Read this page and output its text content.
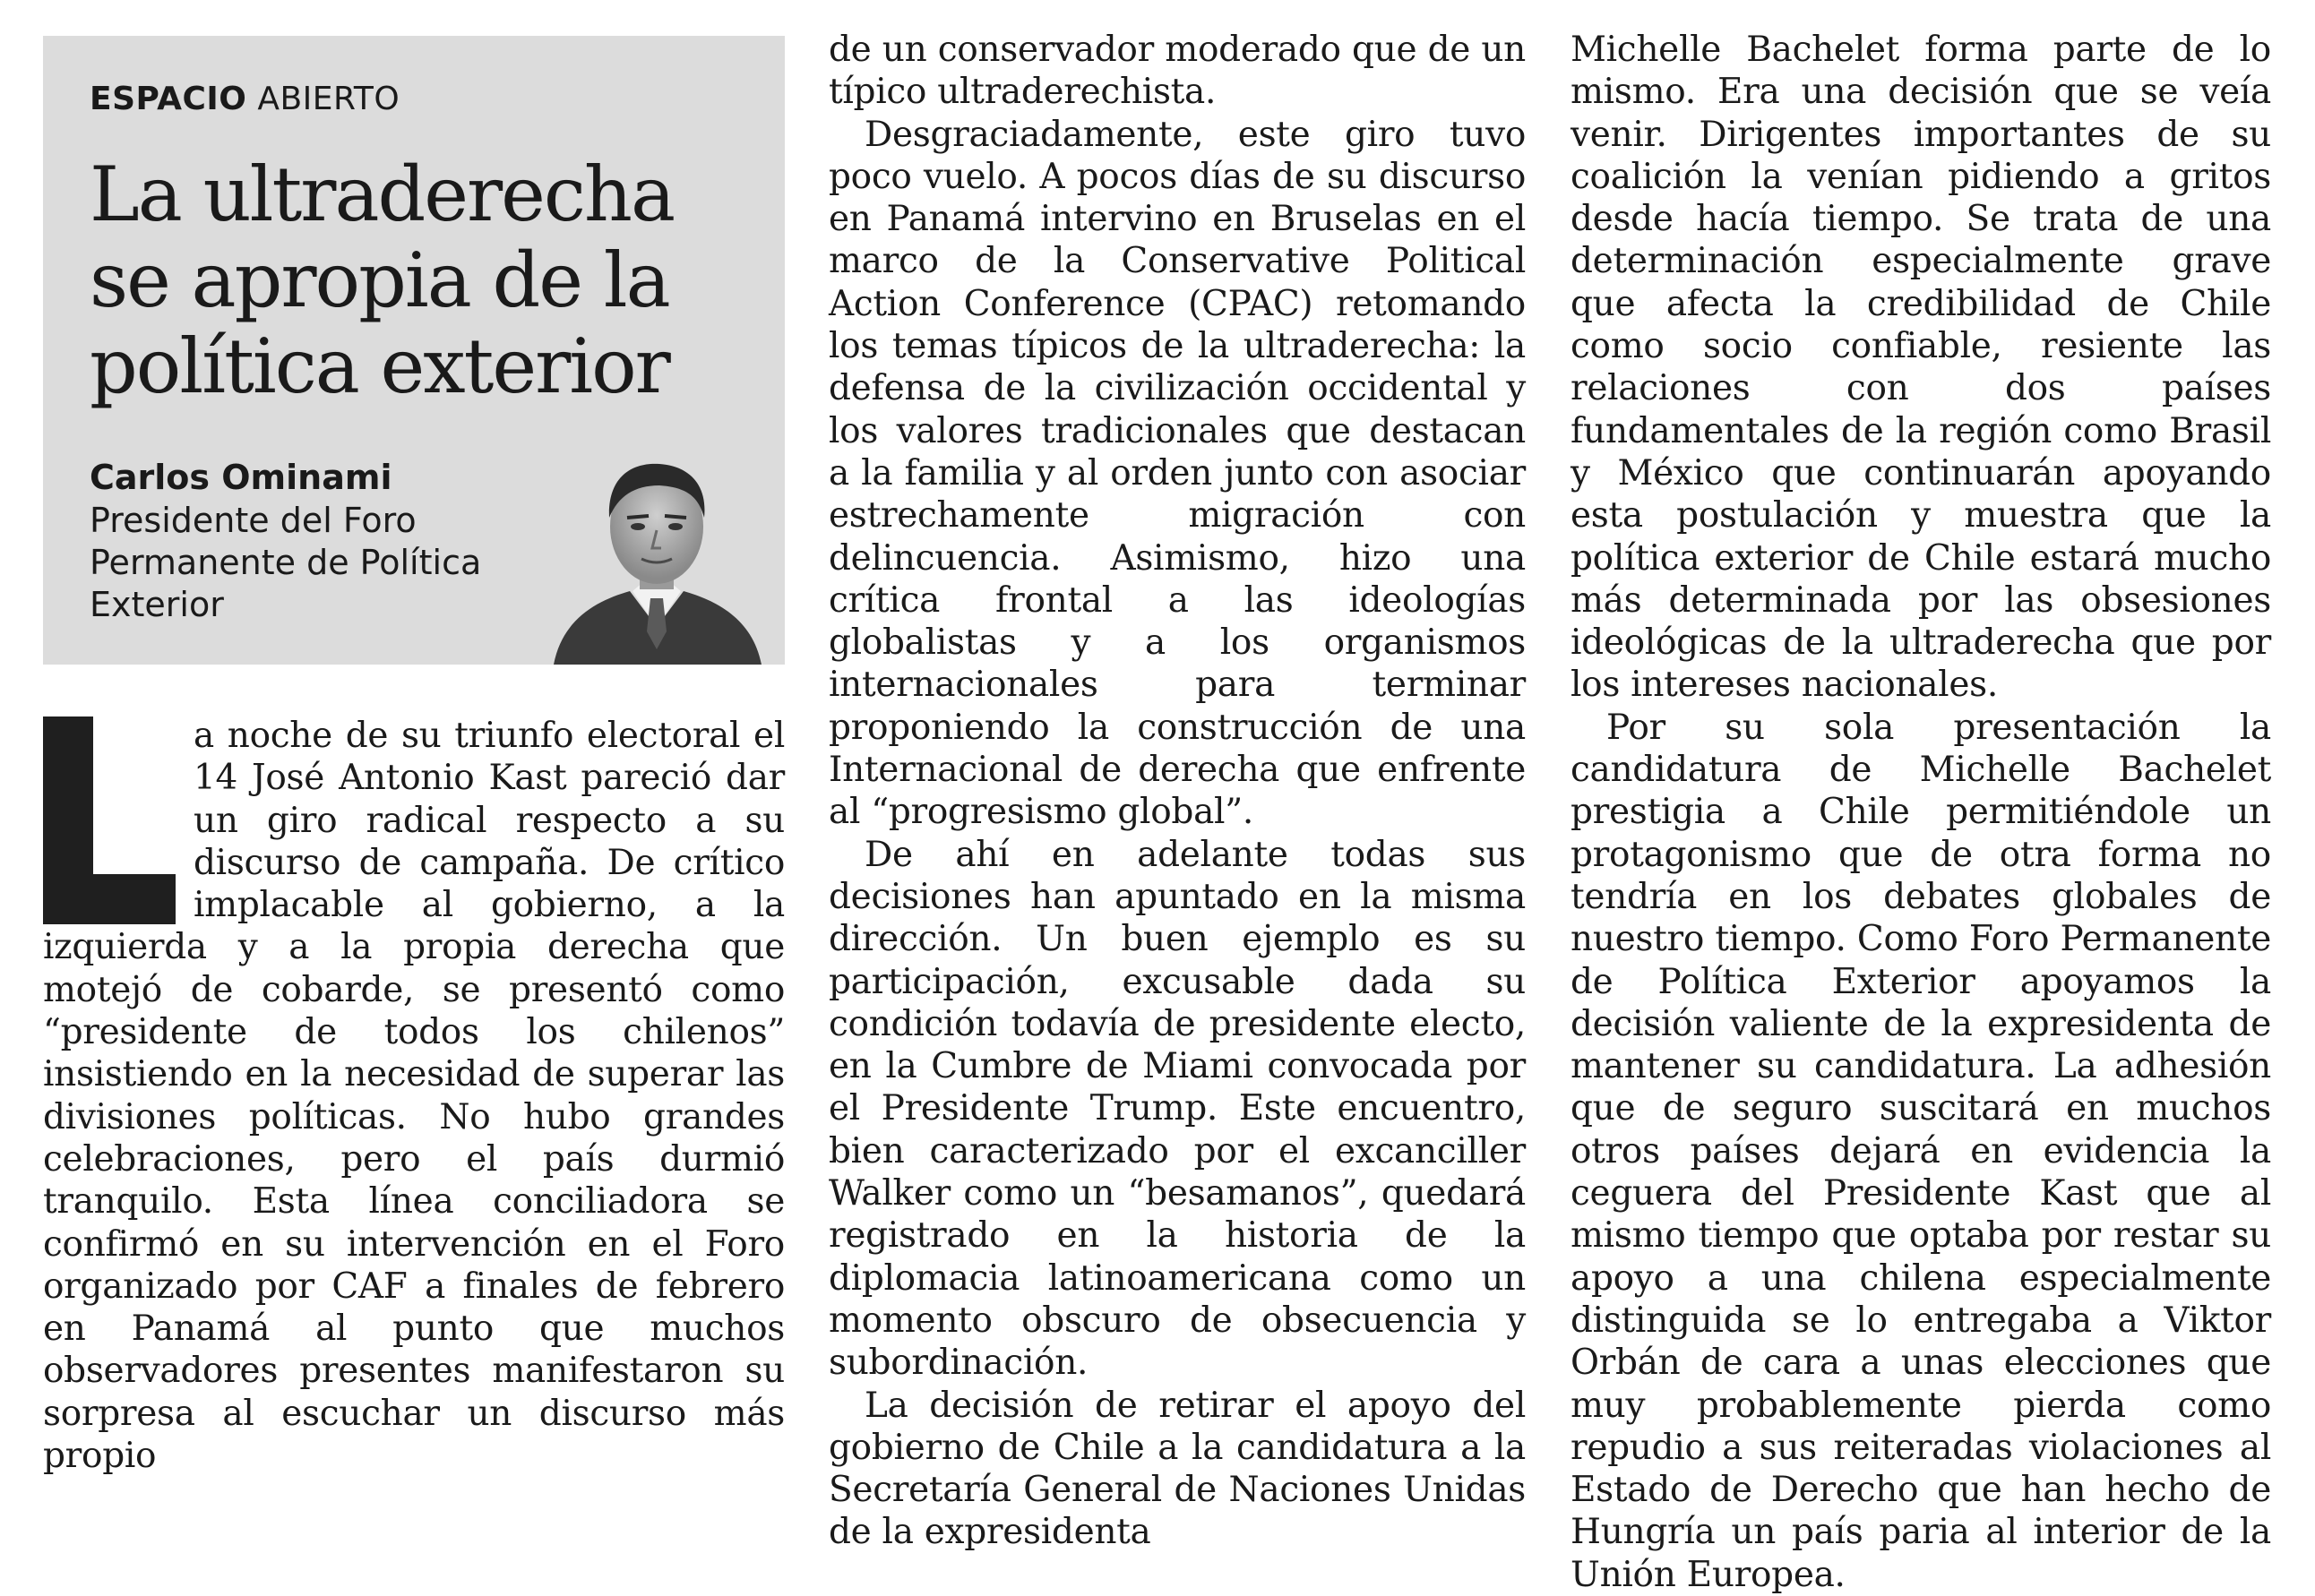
ESPACIO ABIERTO
La ultraderecha
se apropia de la
política exterior
Carlos Ominami
Presidente del Foro Permanente de Política Exterior

a noche de su triunfo electoral el 14 José Antonio Kast pareció dar un giro radical respecto a su discurso de campaña. De crítico implacable al gobierno, a la izquierda y a la propia derecha que motejó de cobarde, se presentó como “presidente de todos los chilenos” insistiendo en la necesidad de superar las divisiones políticas. No hubo grandes celebraciones, pero el país durmió tranquilo. Esta línea conciliadora se confirmó en su intervención en el Foro organizado por CAF a finales de febrero en Panamá al punto que muchos observadores presentes manifestaron su sorpresa al escuchar un discurso más propio

de un conservador moderado que de un típico ultraderechista.

Desgraciadamente, este giro tuvo poco vuelo. A pocos días de su discurso en Panamá intervino en Bruselas en el marco de la Conservative Political Action Conference (CPAC) retomando los temas típicos de la ultraderecha: la defensa de la civilización occidental y los valores tradicionales que destacan a la familia y al orden junto con asociar estrechamente migración con delincuencia. Asimismo, hizo una crítica frontal a las ideologías globalistas y a los organismos internacionales para terminar proponiendo la construcción de una Internacional de derecha que enfrente al “progresismo global”.

De ahí en adelante todas sus decisiones han apuntado en la misma dirección. Un buen ejemplo es su participación, excusable dada su condición todavía de presidente electo, en la Cumbre de Miami convocada por el Presidente Trump. Este encuentro, bien caracterizado por el excanciller Walker como un “besamanos”, quedará registrado en la historia de la diplomacia latinoamericana como un momento obscuro de obsecuencia y subordinación.

La decisión de retirar el apoyo del gobierno de Chile a la candidatura a la Secretaría General de Naciones Unidas de la expresidenta

Michelle Bachelet forma parte de lo mismo. Era una decisión que se veía venir. Dirigentes importantes de su coalición la venían pidiendo a gritos desde hacía tiempo. Se trata de una determinación especialmente grave que afecta la credibilidad de Chile como socio confiable, resiente las relaciones con dos países fundamentales de la región como Brasil y México que continuarán apoyando esta postulación y muestra que la política exterior de Chile estará mucho más determinada por las obsesiones ideológicas de la ultraderecha que por los intereses nacionales.

Por su sola presentación la candidatura de Michelle Bachelet prestigia a Chile permitiéndole un protagonismo que de otra forma no tendría en los debates globales de nuestro tiempo. Como Foro Permanente de Política Exterior apoyamos la decisión valiente de la expresidenta de mantener su candidatura. La adhesión que de seguro suscitará en muchos otros países dejará en evidencia la ceguera del Presidente Kast que al mismo tiempo que optaba por restar su apoyo a una chilena especialmente distinguida se lo entregaba a Viktor Orbán de cara a unas elecciones que muy probablemente pierda como repudio a sus reiteradas violaciones al Estado de Derecho que han hecho de Hungría un país paria al interior de la Unión Europea.
